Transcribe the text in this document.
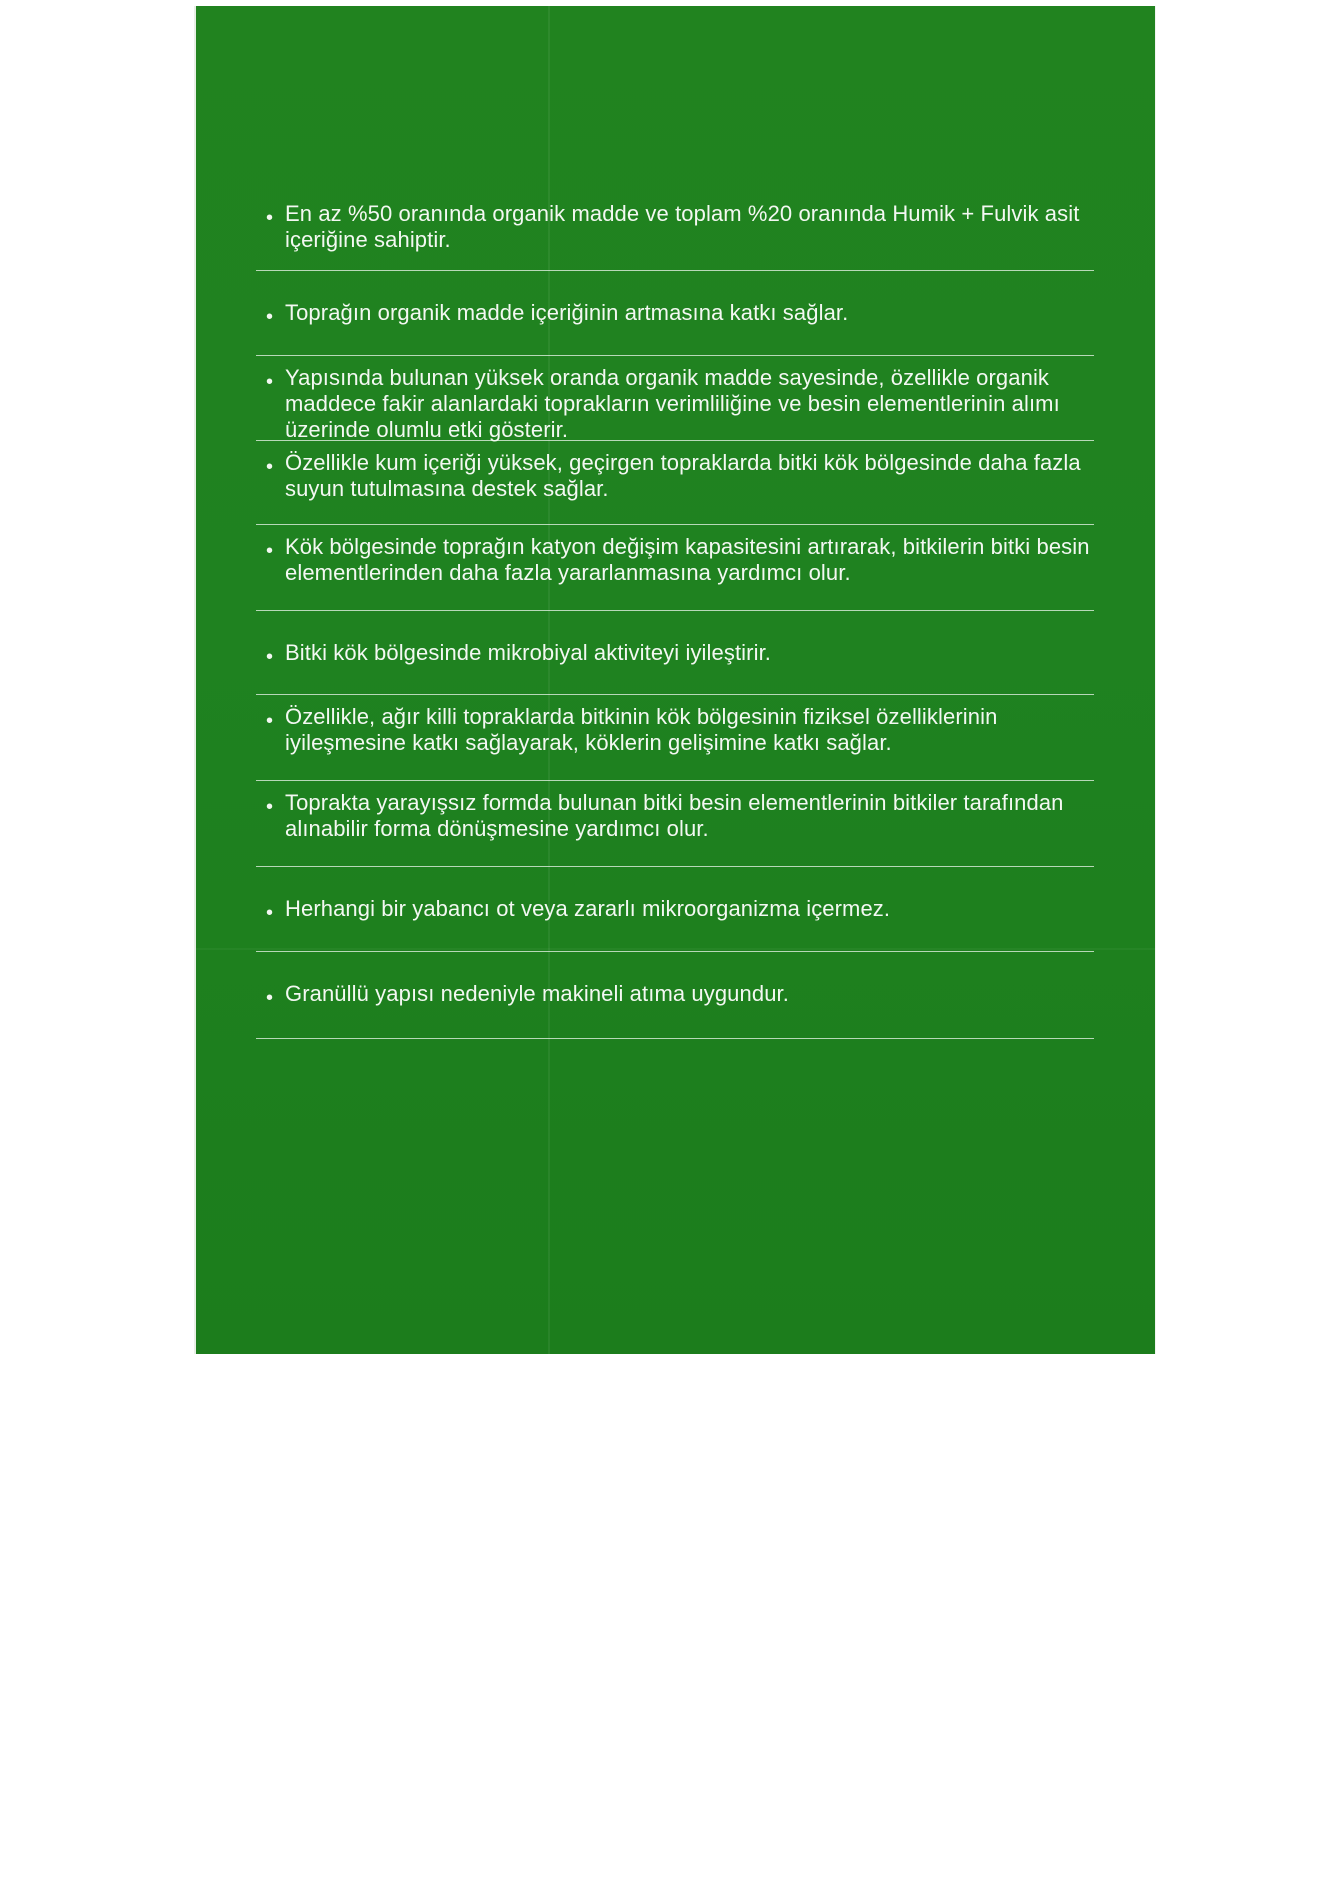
• En az %50 oranında organik madde ve toplam %20 oranında Humik + Fulvik asit içeriğine sahiptir.
• Toprağın organik madde içeriğinin artmasına katkı sağlar.
• Yapısında bulunan yüksek oranda organik madde sayesinde, özellikle organik maddece fakir alanlardaki toprakların verimliliğine ve besin elementlerinin alımı üzerinde olumlu etki gösterir.
• Özellikle kum içeriği yüksek, geçirgen topraklarda bitki kök bölgesinde daha fazla suyun tutulmasına destek sağlar.
• Kök bölgesinde toprağın katyon değişim kapasitesini artırarak, bitkilerin bitki besin elementlerinden daha fazla yararlanmasına yardımcı olur.
• Bitki kök bölgesinde mikrobiyal aktiviteyi iyileştirir.
• Özellikle, ağır killi topraklarda bitkinin kök bölgesinin fiziksel özelliklerinin iyileşmesine katkı sağlayarak, köklerin gelişimine katkı sağlar.
• Toprakta yarayışsız formda bulunan bitki besin elementlerinin bitkiler tarafından alınabilir forma dönüşmesine yardımcı olur.
• Herhangi bir yabancı ot veya zararlı mikroorganizma içermez.
• Granüllü yapısı nedeniyle makineli atıma uygundur.
